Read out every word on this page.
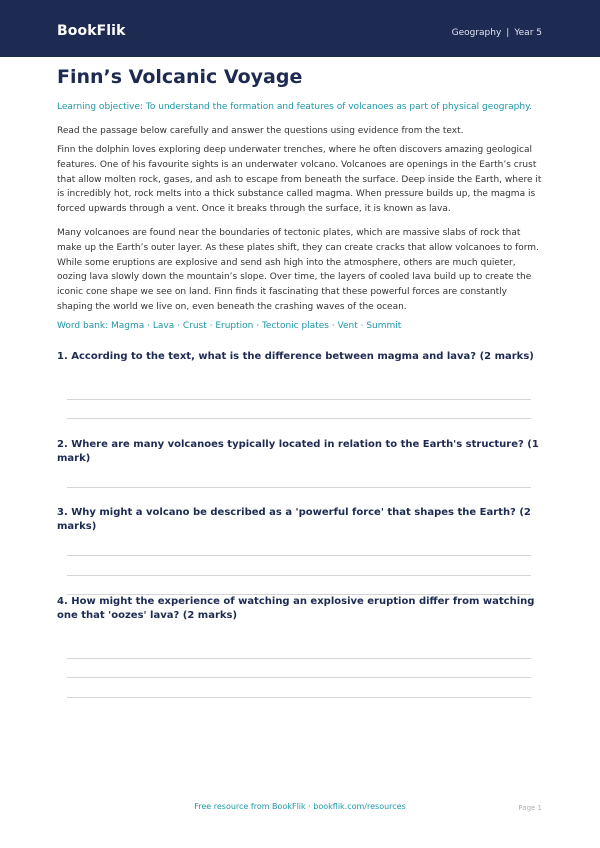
BookFlik	Geography | Year 5
Finn’s Volcanic Voyage

Learning objective: To understand the formation and features of volcanoes as part of physical geography.

Read the passage below carefully and answer the questions using evidence from the text.

Finn the dolphin loves exploring deep underwater trenches, where he often discovers amazing geological features. One of his favourite sights is an underwater volcano. Volcanoes are openings in the Earth’s crust that allow molten rock, gases, and ash to escape from beneath the surface. Deep inside the Earth, where it is incredibly hot, rock melts into a thick substance called magma. When pressure builds up, the magma is forced upwards through a vent. Once it breaks through the surface, it is known as lava.

Many volcanoes are found near the boundaries of tectonic plates, which are massive slabs of rock that make up the Earth’s outer layer. As these plates shift, they can create cracks that allow volcanoes to form. While some eruptions are explosive and send ash high into the atmosphere, others are much quieter, oozing lava slowly down the mountain’s slope. Over time, the layers of cooled lava build up to create the iconic cone shape we see on land. Finn finds it fascinating that these powerful forces are constantly shaping the world we live on, even beneath the crashing waves of the ocean.

Word bank: Magma · Lava · Crust · Eruption · Tectonic plates · Vent · Summit

1. According to the text, what is the difference between magma and lava? (2 marks)

2. Where are many volcanoes typically located in relation to the Earth's structure? (1 mark)

3. Why might a volcano be described as a 'powerful force' that shapes the Earth? (2 marks)

4. How might the experience of watching an explosive eruption differ from watching one that 'oozes' lava? (2 marks)

Free resource from BookFlik · bookflik.com/resources	Page 1
